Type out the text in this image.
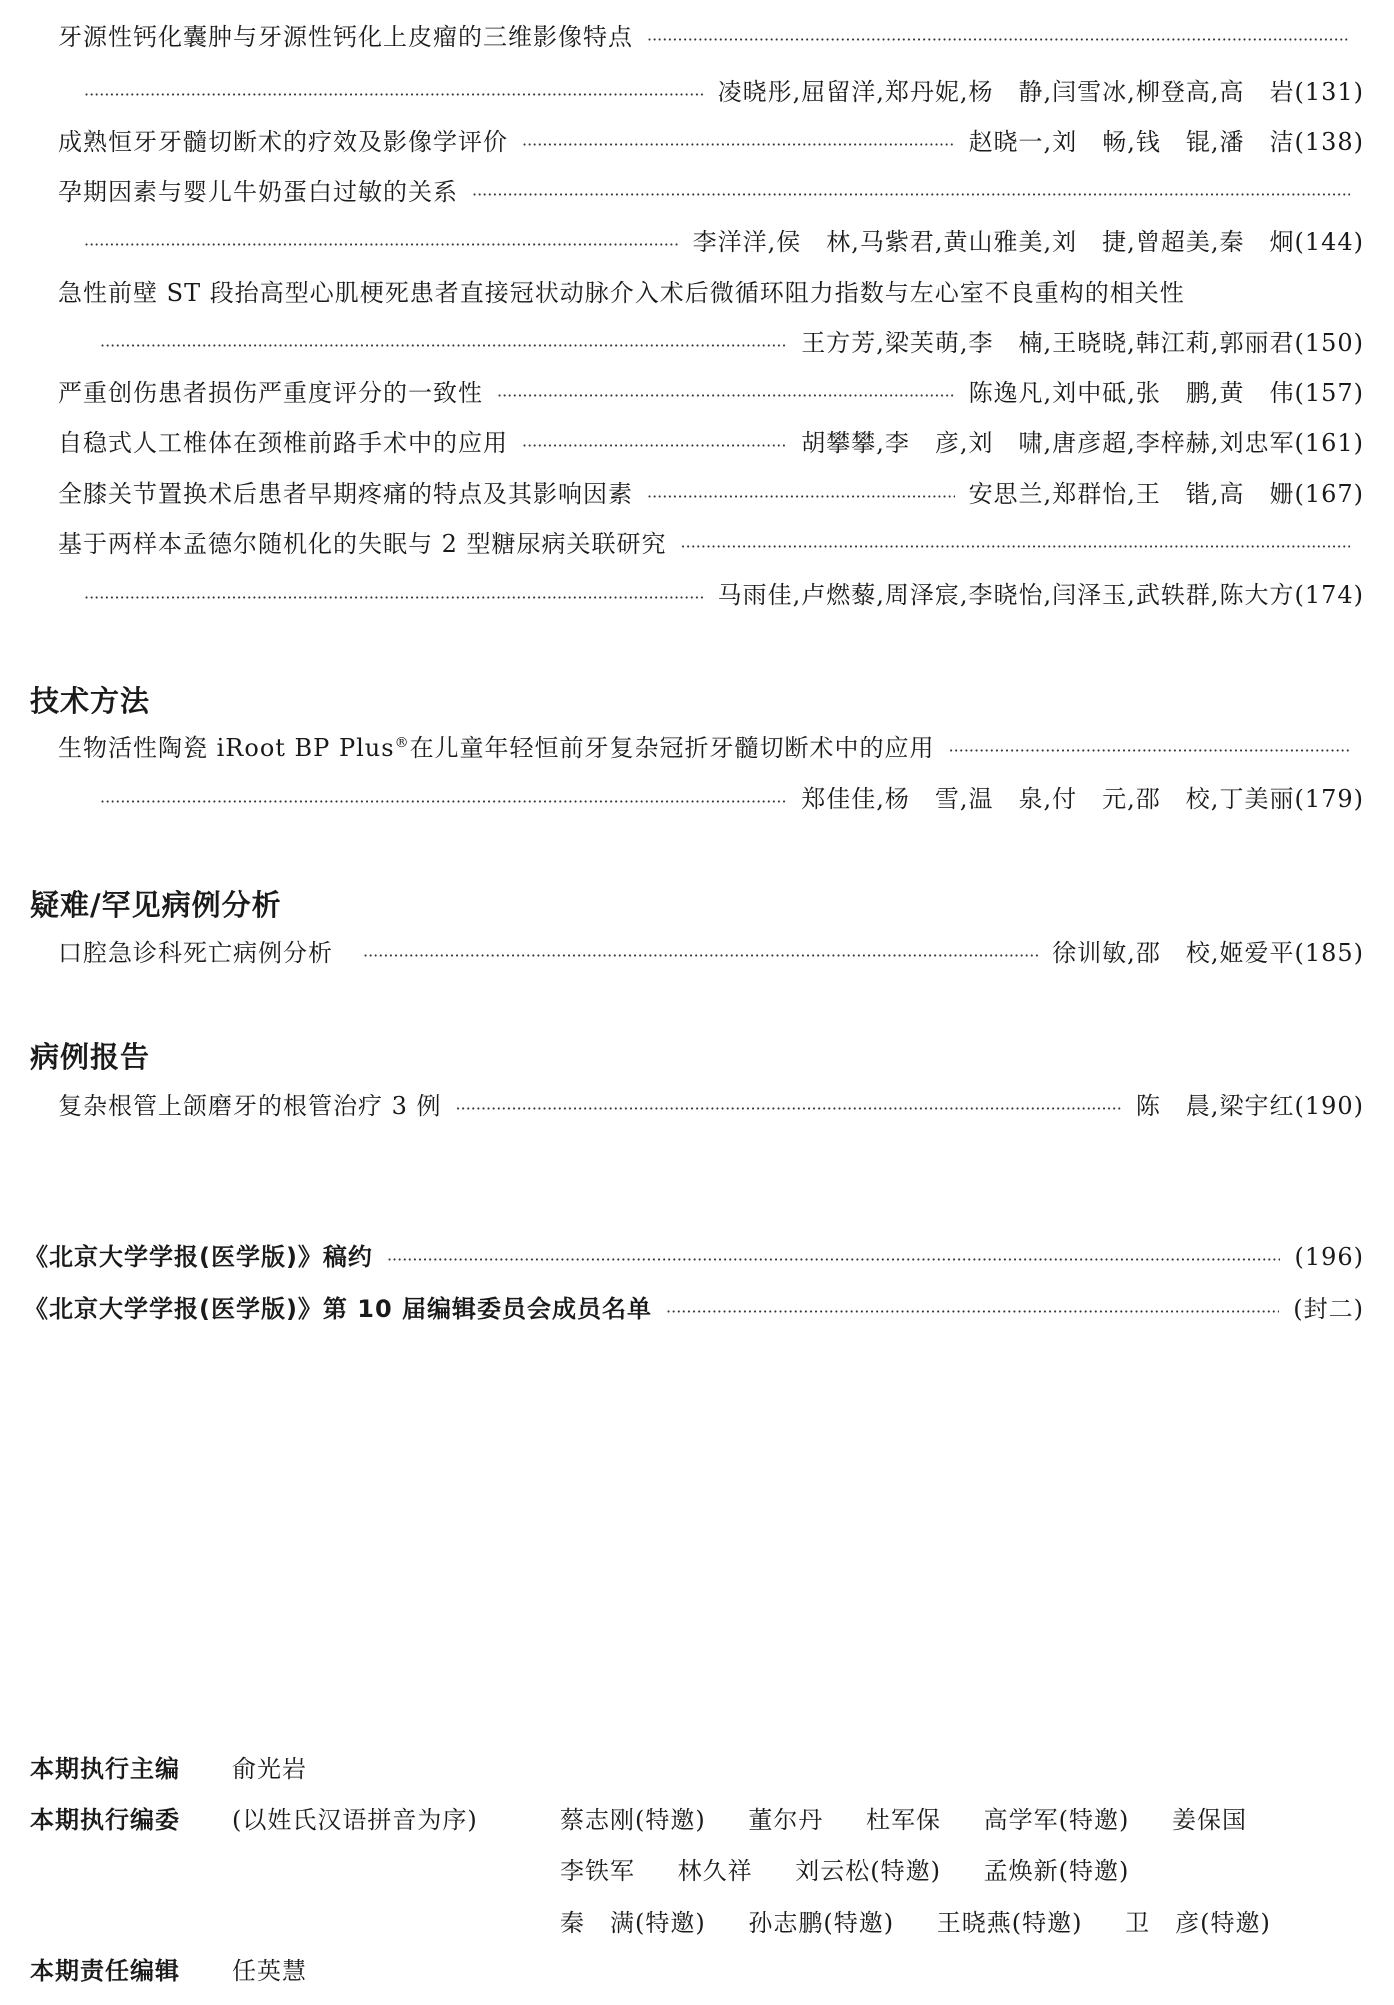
牙源性钙化囊肿与牙源性钙化上皮瘤的三维影像特点
·····
·····
凌晓彤,屈留洋,郑丹妮,杨　静,闫雪冰,柳登高,高　岩 (131)
成熟恒牙牙髓切断术的疗效及影像学评价 ·····	赵晓一,刘　畅,钱　锟,潘　洁 (138)
孕期因素与婴儿牛奶蛋白过敏的关系
·····
·····
李洋洋,侯　林,马紫君,黄山雅美,刘　捷,曾超美,秦　炯 (144)
急性前壁 ST 段抬高型心肌梗死患者直接冠状动脉介入术后微循环阻力指数与左心室不良重构的相关性
·····
王方芳,梁芙萌,李　楠,王晓晓,韩江莉,郭丽君 (150)
严重创伤患者损伤严重度评分的一致性 ·····	陈逸凡,刘中砥,张　鹏,黄　伟 (157)
自稳式人工椎体在颈椎前路手术中的应用 ·····	胡攀攀,李　彦,刘　啸,唐彦超,李梓赫,刘忠军 (161)
全膝关节置换术后患者早期疼痛的特点及其影响因素 ·····	安思兰,郑群怡,王　锴,高　姗 (167)
基于两样本孟德尔随机化的失眠与 2 型糖尿病关联研究
·····
·····
马雨佳,卢燃藜,周泽宸,李晓怡,闫泽玉,武轶群,陈大方 (174)
技术方法
生物活性陶瓷 iRoot BP Plus®在儿童年轻恒前牙复杂冠折牙髓切断术中的应用
·····
·····
郑佳佳,杨　雪,温　泉,付　元,邵　校,丁美丽 (179)
疑难/罕见病例分析
口腔急诊科死亡病例分析 ·····	徐训敏,邵　校,姬爱平 (185)
病例报告
复杂根管上颌磨牙的根管治疗 3 例 ·····	陈　晨,梁宇红 (190)
《北京大学学报(医学版)》稿约 ·····	(196)
《北京大学学报(医学版)》第 10 届编辑委员会成员名单 ·····	(封二)
本期执行主编 俞光岩
本期执行编委 (以姓氏汉语拼音为序)	蔡志刚(特邀) 董尔丹 杜军保 高学军(特邀) 姜保国
李铁军 林久祥 刘云松(特邀) 孟焕新(特邀)
秦　满(特邀) 孙志鹏(特邀) 王晓燕(特邀) 卫　彦(特邀)
本期责任编辑 任英慧
